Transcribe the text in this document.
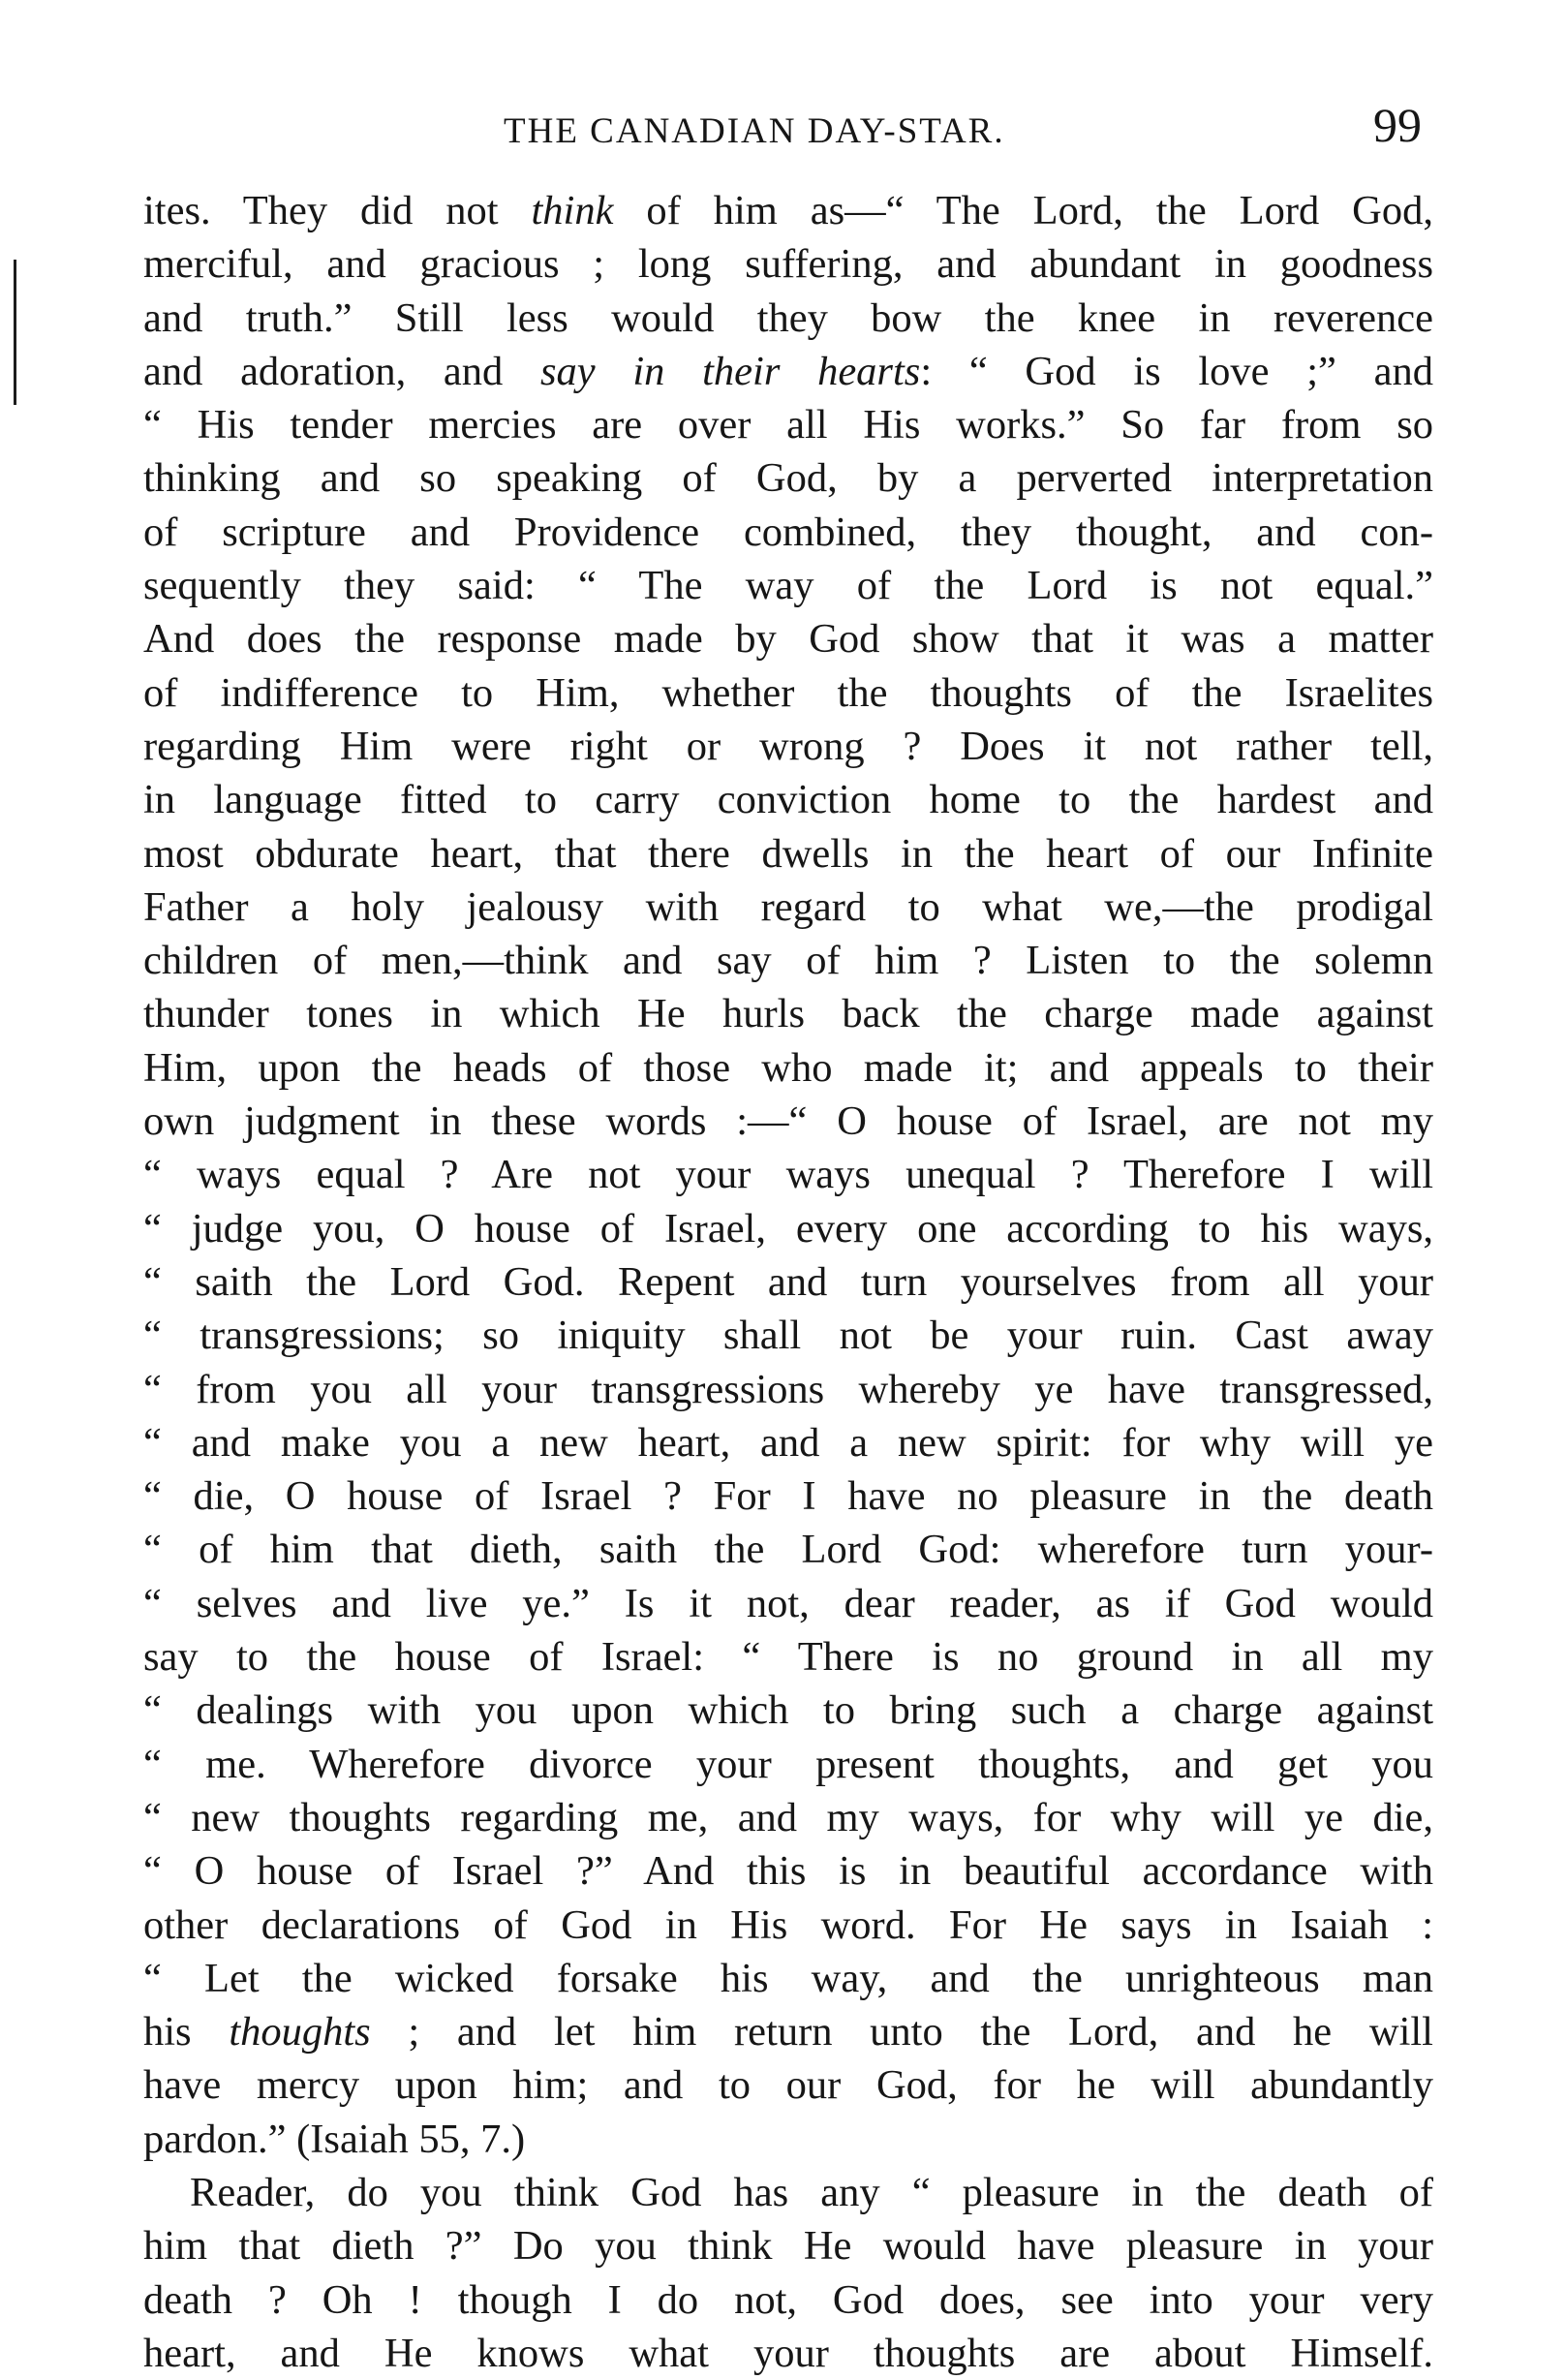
THE CANADIAN DAY-STAR.	99
ites. They did not think of him as—“ The Lord, the Lord God,
merciful, and gracious ; long suffering, and abundant in goodness
and truth.” Still less would they bow the knee in reverence
and adoration, and say in their hearts: “ God is love ;” and
“ His tender mercies are over all His works.” So far from so
thinking and so speaking of God, by a perverted interpretation
of scripture and Providence combined, they thought, and con-
sequently they said: “ The way of the Lord is not equal.”
And does the response made by God show that it was a matter
of indifference to Him, whether the thoughts of the Israelites
regarding Him were right or wrong ? Does it not rather tell,
in language fitted to carry conviction home to the hardest and
most obdurate heart, that there dwells in the heart of our Infinite
Father a holy jealousy with regard to what we,—the prodigal
children of men,—think and say of him ? Listen to the solemn
thunder tones in which He hurls back the charge made against
Him, upon the heads of those who made it; and appeals to their
own judgment in these words :—“ O house of Israel, are not my
“ ways equal ? Are not your ways unequal ? Therefore I will
“ judge you, O house of Israel, every one according to his ways,
“ saith the Lord God. Repent and turn yourselves from all your
“ transgressions; so iniquity shall not be your ruin. Cast away
“ from you all your transgressions whereby ye have transgressed,
“ and make you a new heart, and a new spirit: for why will ye
“ die, O house of Israel ? For I have no pleasure in the death
“ of him that dieth, saith the Lord God: wherefore turn your-
“ selves and live ye.” Is it not, dear reader, as if God would
say to the house of Israel: “ There is no ground in all my
“ dealings with you upon which to bring such a charge against
“ me. Wherefore divorce your present thoughts, and get you
“ new thoughts regarding me, and my ways, for why will ye die,
“ O house of Israel ?” And this is in beautiful accordance with
other declarations of God in His word. For He says in Isaiah :
“ Let the wicked forsake his way, and the unrighteous man
his thoughts ; and let him return unto the Lord, and he will
have mercy upon him; and to our God, for he will abundantly
pardon.” (Isaiah 55, 7.)
Reader, do you think God has any “ pleasure in the death of
him that dieth ?” Do you think He would have pleasure in your
death ? Oh ! though I do not, God does, see into your very
heart, and He knows what your thoughts are about Himself.
